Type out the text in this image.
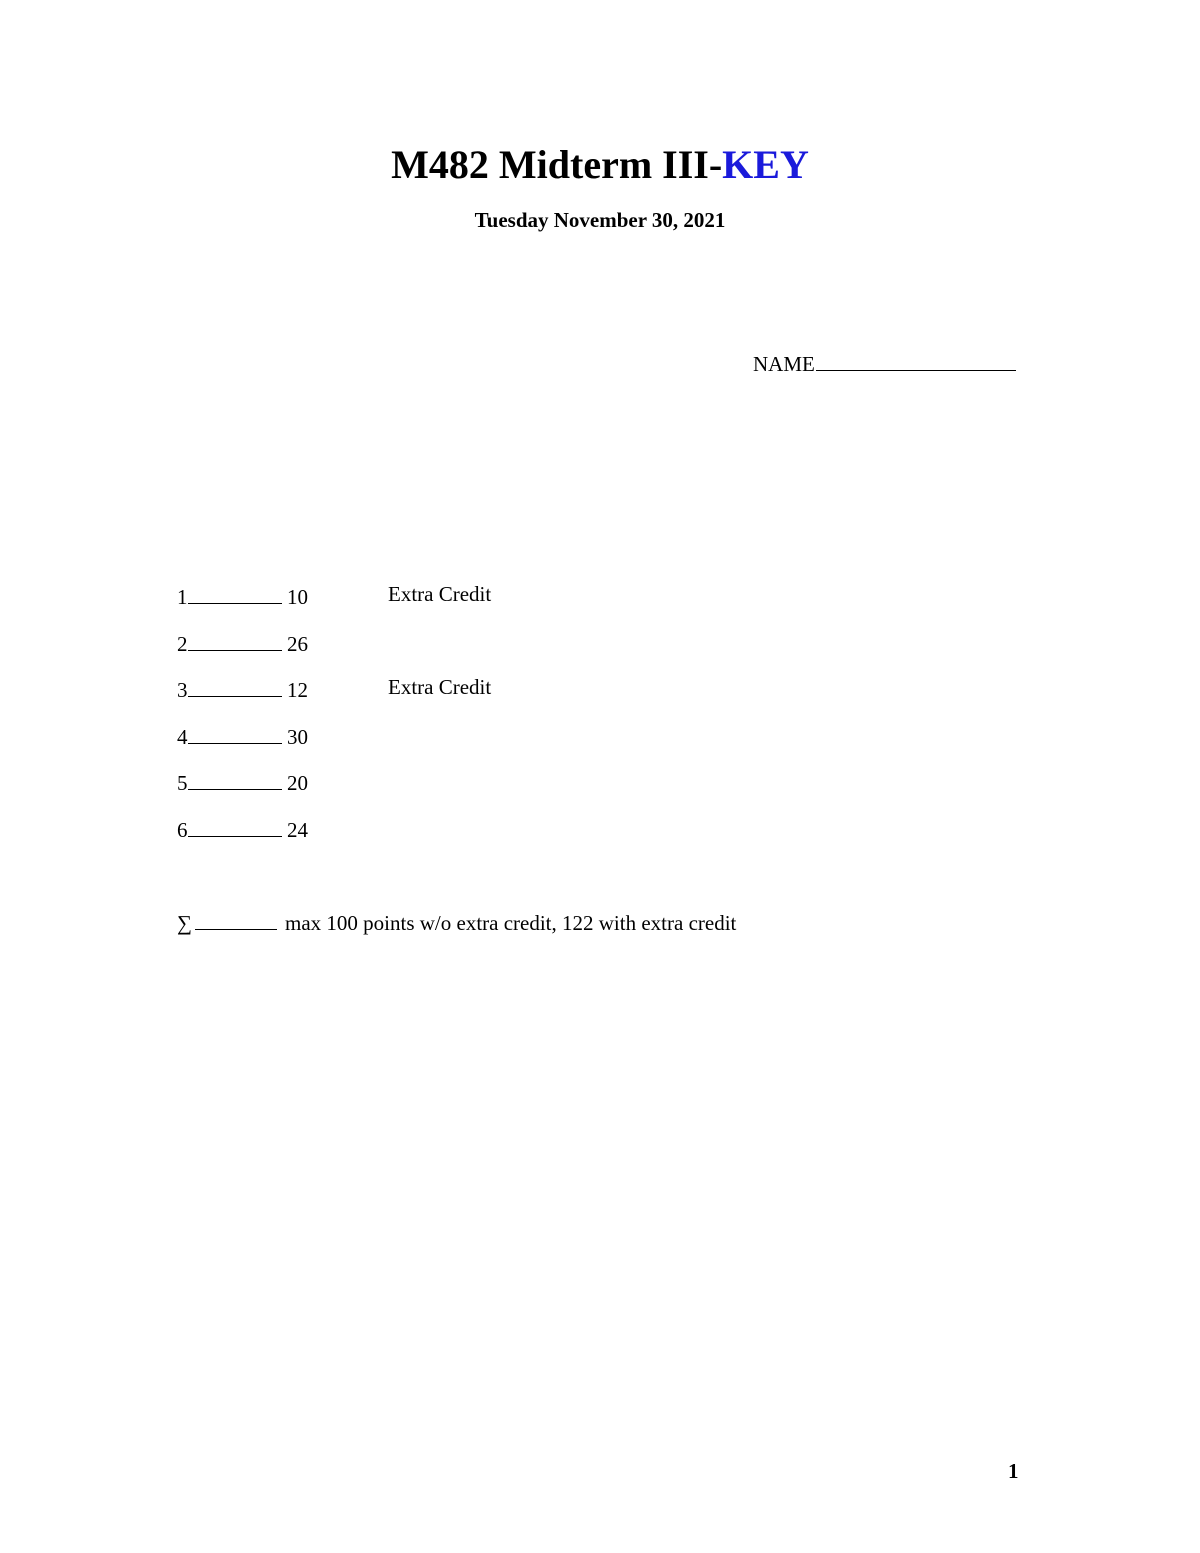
M482 Midterm III-KEY
Tuesday November 30, 2021
NAME
1	10	Extra Credit
2	26
3	12	Extra Credit
4	30
5	20
6	24
∑	max 100 points w/o extra credit, 122 with extra credit
1
